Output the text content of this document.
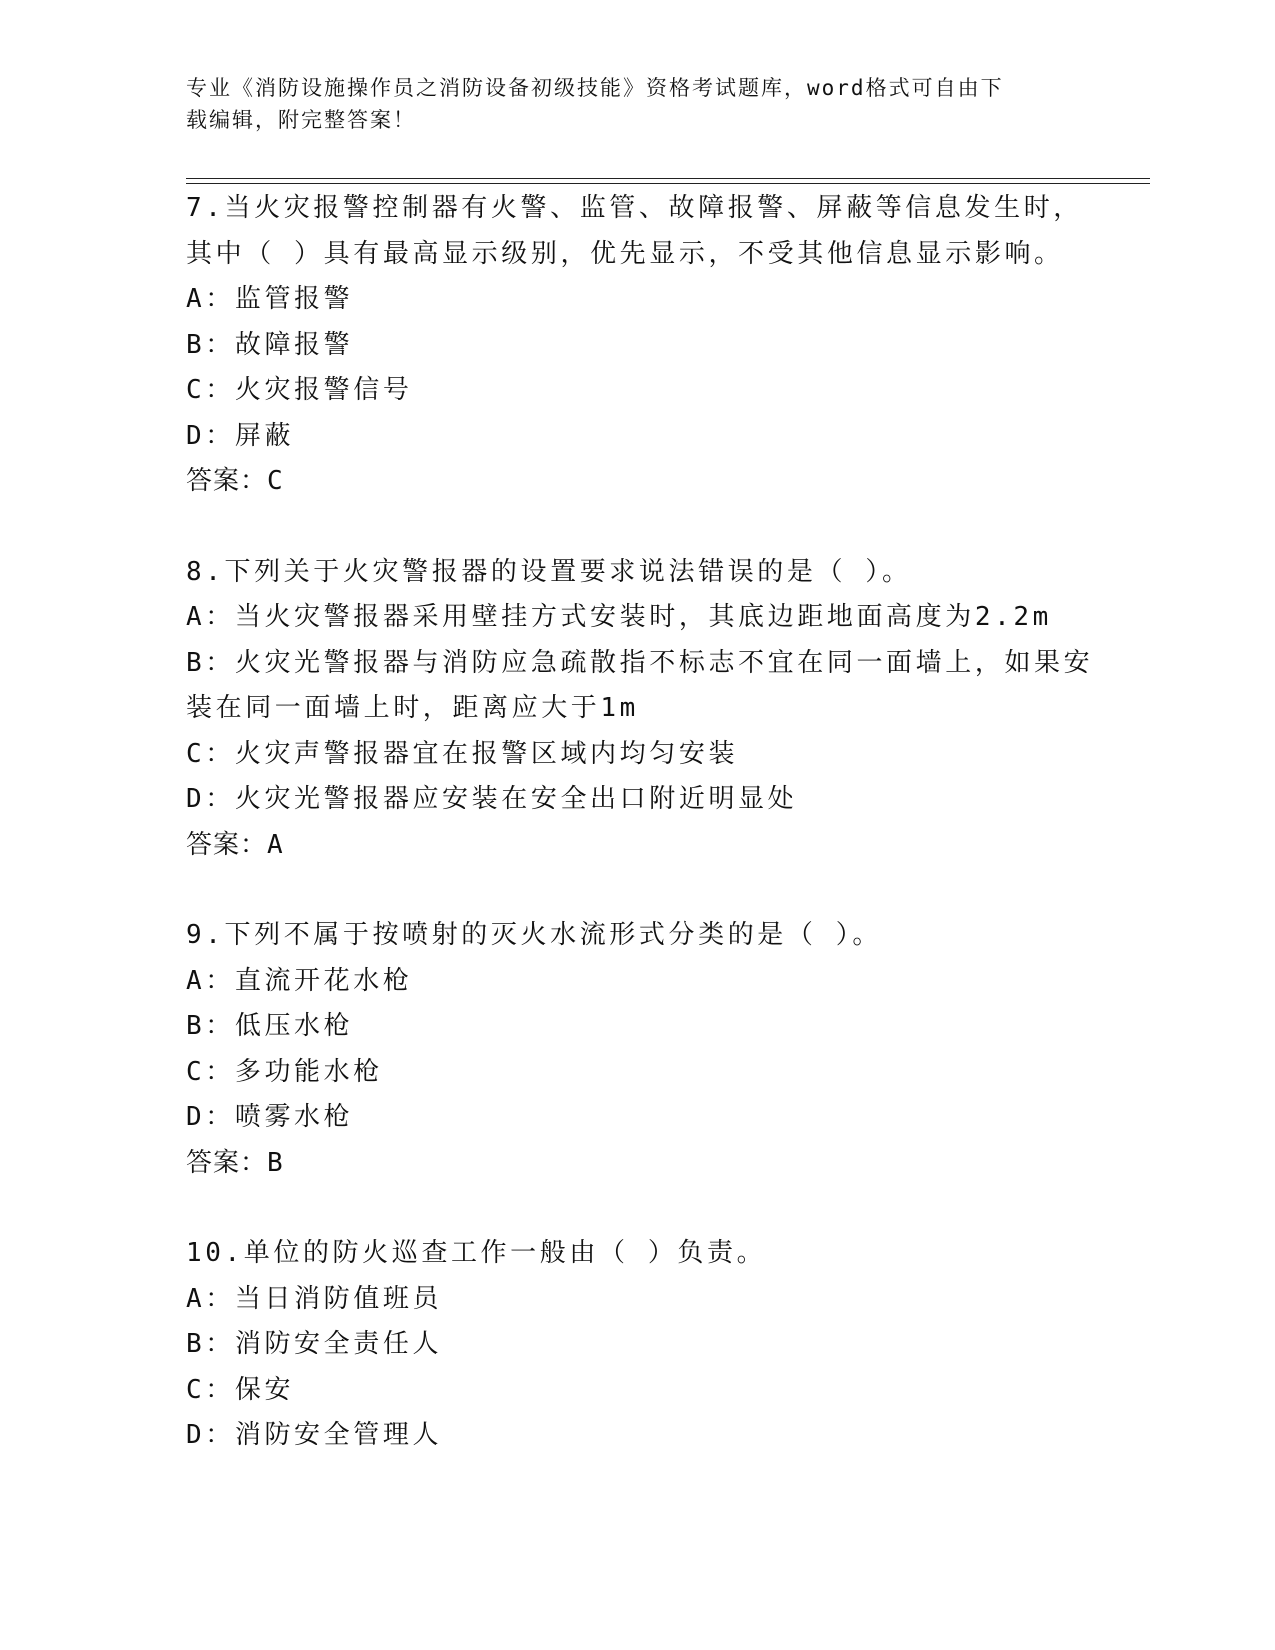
专业《消防设施操作员之消防设备初级技能》资格考试题库，word格式可自由下
载编辑，附完整答案！
7.当火灾报警控制器有火警、监管、故障报警、屏蔽等信息发生时，
其中（ ）具有最高显示级别，优先显示，不受其他信息显示影响。
A：监管报警
B：故障报警
C：火灾报警信号
D：屏蔽
答案：C
8.下列关于火灾警报器的设置要求说法错误的是（ ）。
A：当火灾警报器采用壁挂方式安装时，其底边距地面高度为2.2m
B：火灾光警报器与消防应急疏散指不标志不宜在同一面墙上，如果安
装在同一面墙上时，距离应大于1m
C：火灾声警报器宜在报警区域内均匀安装
D：火灾光警报器应安装在安全出口附近明显处
答案：A
9.下列不属于按喷射的灭火水流形式分类的是（ ）。
A：直流开花水枪
B：低压水枪
C：多功能水枪
D：喷雾水枪
答案：B
10.单位的防火巡查工作一般由（ ）负责。
A：当日消防值班员
B：消防安全责任人
C：保安
D：消防安全管理人
